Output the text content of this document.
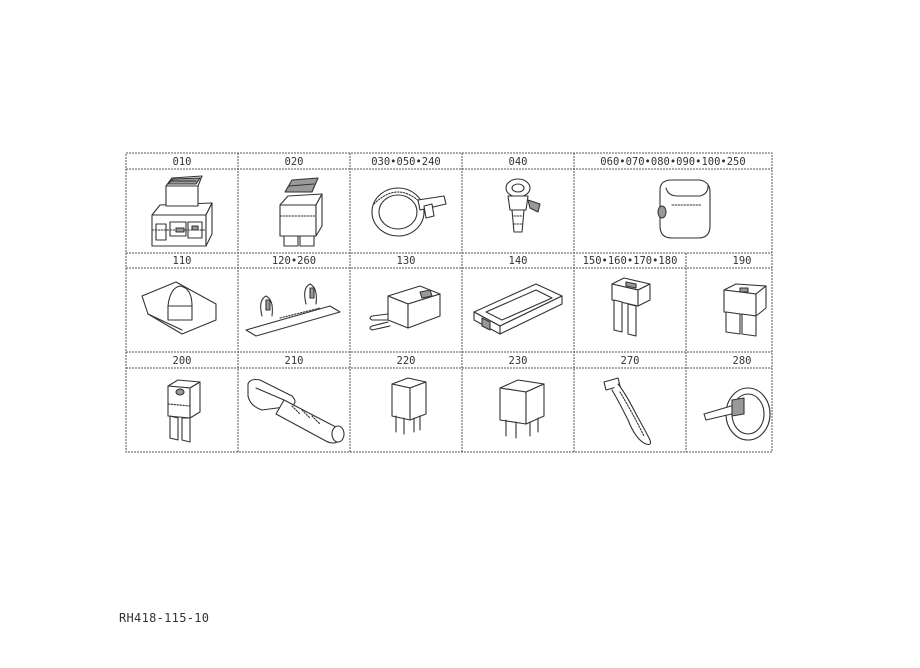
010	020	030•050•240	040	060•070•080•090•100•250
110	120•260	130	140	150•160•170•180	190
200	210	220	230	270	280
RH418-115-10
